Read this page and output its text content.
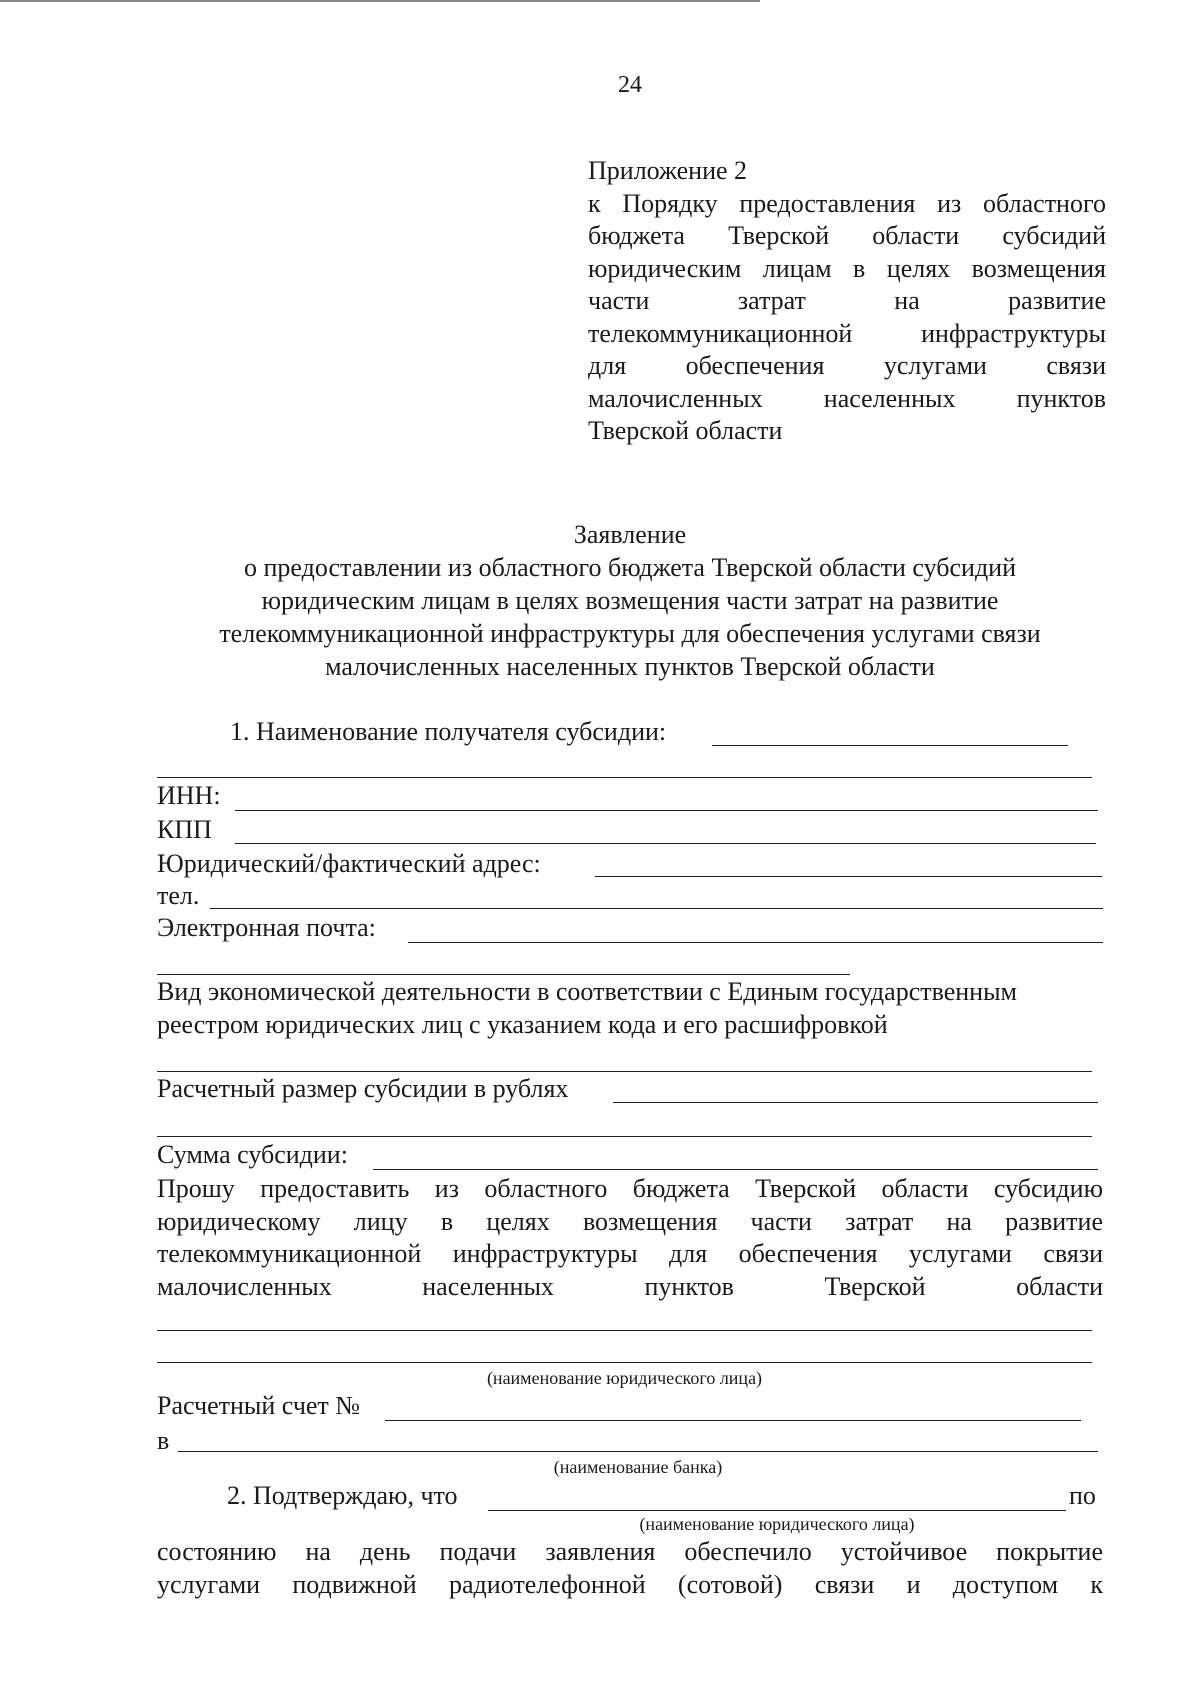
24
Приложение 2
к Порядку предоставления из областного
бюджета Тверской области субсидий
юридическим лицам в целях возмещения
части затрат на развитие
телекоммуникационной инфраструктуры
для обеспечения услугами связи
малочисленных населенных пунктов
Тверской области
Заявление
о предоставлении из областного бюджета Тверской области субсидий
юридическим лицам в целях возмещения части затрат на развитие
телекоммуникационной инфраструктуры для обеспечения услугами связи
малочисленных населенных пунктов Тверской области
1. Наименование получателя субсидии:
ИНН:
КПП
Юридический/фактический адрес:
тел.
Электронная почта:
Вид экономической деятельности в соответствии с Единым государственным
реестром юридических лиц с указанием кода и его расшифровкой
Расчетный размер субсидии в рублях
Сумма субсидии:
Прошу предоставить из областного бюджета Тверской области субсидию
юридическому лицу в целях возмещения части затрат на развитие
телекоммуникационной инфраструктуры для обеспечения услугами связи
малочисленных населенных пунктов Тверской области
(наименование юридического лица)
Расчетный счет №
в
(наименование банка)
2. Подтверждаю, что	по
(наименование юридического лица)
состоянию на день подачи заявления обеспечило устойчивое покрытие
услугами подвижной радиотелефонной (сотовой) связи и доступом к
